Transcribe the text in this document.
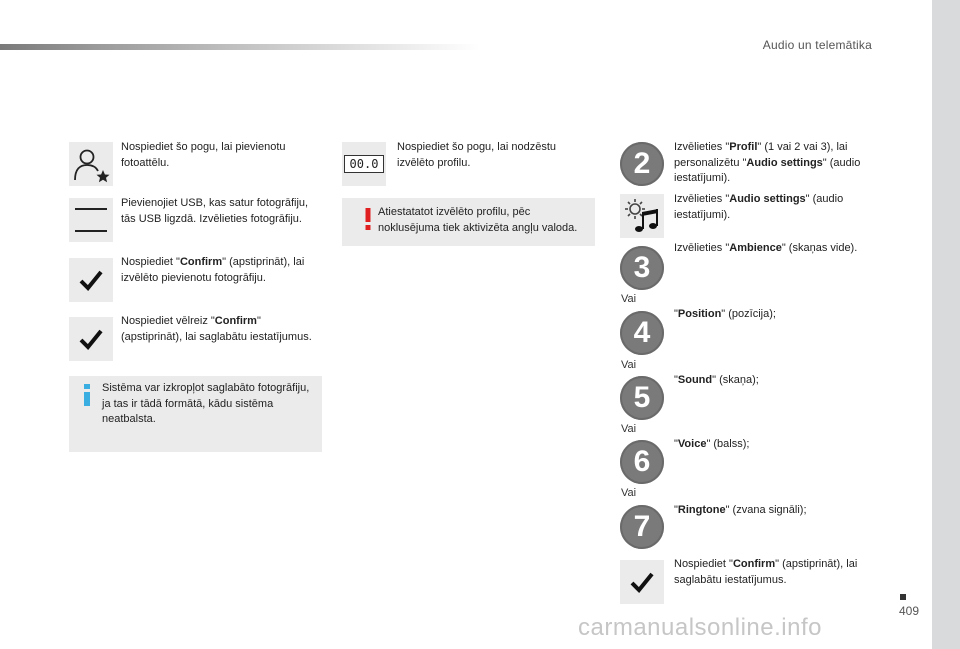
Audio un telemātika
Nospiediet šo pogu, lai pievienotu fotoattēlu.
Pievienojiet USB, kas satur fotogrāfiju, tās USB ligzdā. Izvēlieties fotogrāfiju.
Nospiediet "Confirm" (apstiprināt), lai izvēlēto pievienotu fotogrāfiju.
Nospiediet vēlreiz "Confirm" (apstiprināt), lai saglabātu iestatījumus.
Sistēma var izkropļot saglabāto fotogrāfiju, ja tas ir tādā formātā, kādu sistēma neatbalsta.
00.0
Nospiediet šo pogu, lai nodzēstu izvēlēto profilu.
Atiestatatot izvēlēto profilu, pēc noklusējuma tiek aktivizēta angļu valoda.
2	Izvēlieties "Profil" (1 vai 2 vai 3), lai personalizētu "Audio settings" (audio iestatījumi).
Izvēlieties "Audio settings" (audio iestatījumi).
3
Izvēlieties "Ambience" (skaņas vide).
Vai
4
"Position" (pozīcija);
Vai
5
"Sound" (skaņa);
Vai
6
"Voice" (balss);
Vai
7	"Ringtone" (zvana signāli);
Nospiediet "Confirm" (apstiprināt), lai saglabātu iestatījumus.
409
carmanualsonline.info
